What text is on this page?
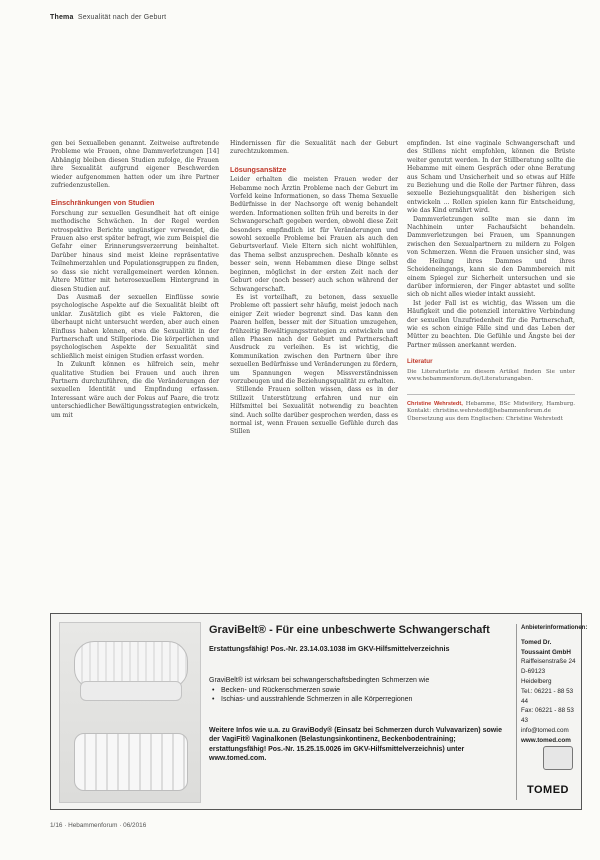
Thema Sexualität nach der Geburt

gen bei Sexualleben genannt. Zeitweise auftretende Probleme wie Frauen, ohne Dammverletzungen [14] Abhängig bleiben diesen Studien zufolge, die Frauen ihre Sexualität aufgrund eigener Beschwerden wieder aufgenommen hatten oder um ihre Partner zufriedenzustellen.

Einschränkungen von Studien

Forschung zur sexuellen Gesundheit hat oft einige methodische Schwächen. In der Regel werden retrospektive Berichte ungünstiger verwendet, die Frauen also erst später befragt, wie zum Beispiel die Gefahr einer Erinnerungsverzerrung beinhaltet. Darüber hinaus sind meist kleine repräsentative Teilnehmerzahlen und Populationsgruppen zu finden, so dass sie nicht verallgemeinert werden können. Ältere Mütter mit heterosexuellem Hintergrund in diesen Studien auf.

Das Ausmaß der sexuellen Einflüsse sowie psychologische Aspekte auf die Sexualität bleibt oft unklar. Zusätzlich gibt es viele Faktoren, die überhaupt nicht untersucht werden, aber auch einen Einfluss haben können, etwa die Sexualität in der Partnerschaft und Stillperiode. Die körperlichen und psychologischen Aspekte der Sexualität sind schließlich meist einigen Studien erfasst worden.

In Zukunft können es hilfreich sein, mehr qualitative Studien bei Frauen und auch ihren Partnern durchzuführen, die die Veränderungen der sexuellen Identität und Empfindung erfassen. Interessant wäre auch der Fokus auf Paare, die trotz unterschiedlicher Bewältigungsstrategien entwickeln, um mit

Hindernissen für die Sexualität nach der Geburt zurechtzukommen.

Lösungsansätze

Leider erhalten die meisten Frauen weder der Hebamme noch Ärztin Probleme nach der Geburt im Vorfeld keine Informationen, so dass Thema Sexuelle Bedürfnisse in der Nachsorge oft wenig behandelt werden. Informationen sollten früh und bereits in der Schwangerschaft gegeben werden, obwohl diese Zeit besonders empfindlich ist für Veränderungen und sowohl sexuelle Probleme bei Frauen als auch den Geburtsverlauf. Viele Eltern sich nicht wohlfühlen, das Thema selbst anzusprechen. Deshalb könnte es besser sein, wenn Hebammen diese Dinge selbst beginnen, möglichst in der ersten Zeit nach der Geburt oder (noch besser) auch schon während der Schwangerschaft.

Es ist vorteilhaft, zu betonen, dass sexuelle Probleme oft passiert sehr häufig, meist jedoch nach einiger Zeit wieder begrenzt sind. Das kann den Paaren helfen, besser mit der Situation umzugehen, frühzeitig Bewältigungsstrategien zu entwickeln und allen Phasen nach der Geburt und Partnerschaft Ausdruck zu verleihen. Es ist wichtig, die Kommunikation zwischen den Partnern über ihre sexuellen Bedürfnisse und Veränderungen zu fördern, um Spannungen wegen Missverständnissen vorzubeugen und die Beziehungsqualität zu erhalten.

Stillende Frauen sollten wissen, dass es in der Stillzeit Unterstützung erfahren und nur ein Hilfsmittel bei Sexualität notwendig zu beachten sind. Auch sollte darüber gesprochen werden, dass es normal ist, wenn Frauen sexuelle Gefühle durch das Stillen

empfinden. Ist eine vaginale Schwangerschaft und des Stillens nicht empfohlen, können die Brüste weiter genutzt werden. In der Stillberatung sollte die Hebamme mit einem Gespräch oder ohne Beratung aus Scham und Unsicherheit und so etwas auf Hilfe zu Beziehung und die Rolle der Partner führen, dass sexuelle Beziehungsqualität den bisherigen sich entwickeln ... Rollen spielen kann für Entscheidung, wie das Kind ernährt wird.

Dammverletzungen sollte man sie dann im Nachhinein unter Fachaufsicht behandeln. Dammverletzungen bei Frauen, um Spannungen zwischen den Sexualpartnern zu mildern zu Folgen von Schmerzen. Wenn die Frauen unsicher sind, was die Heilung ihres Dammes und ihres Scheideneingangs, kann sie den Dammbereich mit einem Spiegel zur Sicherheit untersuchen und sie darüber informieren, der Finger abtastet und sollte sich ob nicht alles wieder intakt aussieht.

Ist jeder Fall ist es wichtig, das Wissen um die Häufigkeit und die potenziell interaktive Verbindung der sexuellen Unzufriedenheit für die Partnerschaft, wie es schon einige Fälle sind und das Leben der Mütter zu beachten. Die Gefühle und Ängste bei der Partner müssen anerkannt werden.

Literatur

Die Literaturliste zu diesem Artikel finden Sie unter www.hebammenforum.de/Literaturangaben.

Christine Wehrstedt, Hebamme, BSc Midwifery, Hamburg. Kontakt: christine.wehrstedt@hebammenforum.de

Übersetzung aus dem Englischen: Christine Wehrstedt

GraviBelt® - Für eine unbeschwerte Schwangerschaft
Erstattungsfähig! Pos.-Nr. 23.14.03.1038 im GKV-Hilfsmittelverzeichnis
GraviBelt® ist wirksam bei schwangerschaftsbedingten Schmerzen wie
• Becken- und Rückenschmerzen sowie
• Ischias- und ausstrahlende Schmerzen in alle Körperregionen
Weitere Infos wie u.a. zu GraviBody® (Einsatz bei Schmerzen durch Vulvavarizen) sowie der VagiFit® Vaginalkonen (Belastungsinkontinenz, Beckenbodentraining; erstattungsfähig! Pos.-Nr. 15.25.15.0026 im GKV-Hilfsmittelverzeichnis) unter www.tomed.com.
Anbieterinformationen:
Tomed Dr. Toussaint GmbH
Raiffeisenstraße 24
D-69123 Heidelberg
Tel.: 06221 - 88 53 44
Fax: 06221 - 88 53 43
info@tomed.com
www.tomed.com
TOMED
1/16 · Hebammenforum · 06/2016
